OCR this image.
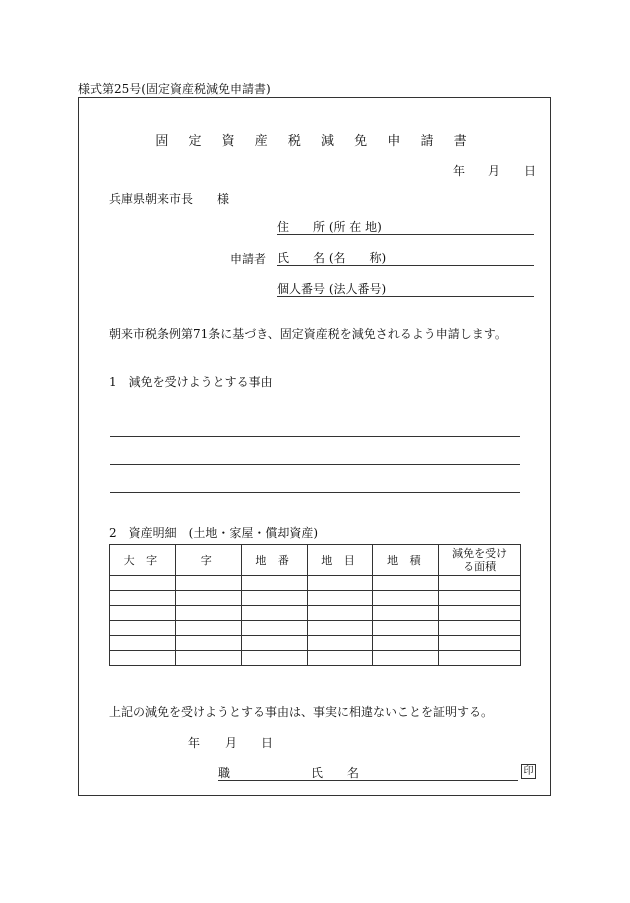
様式第25号(固定資産税減免申請書)
固 定 資 産 税 減 免 申 請 書
年 月 日
兵庫県朝来市長　　様
住　　所 (所 在 地)
申請者 氏　　名 (名　　称)
個人番号 (法人番号)
朝来市税条例第71条に基づき、固定資産税を減免されるよう申請します。
1　減免を受けようとする事由
2　資産明細　(土地・家屋・償却資産)
大 字	字	地 番	地 目	地 積	減免を受ける面積

上記の減免を受けようとする事由は、事実に相違ないことを証明する。
年 月 日
職	氏　　名	印
